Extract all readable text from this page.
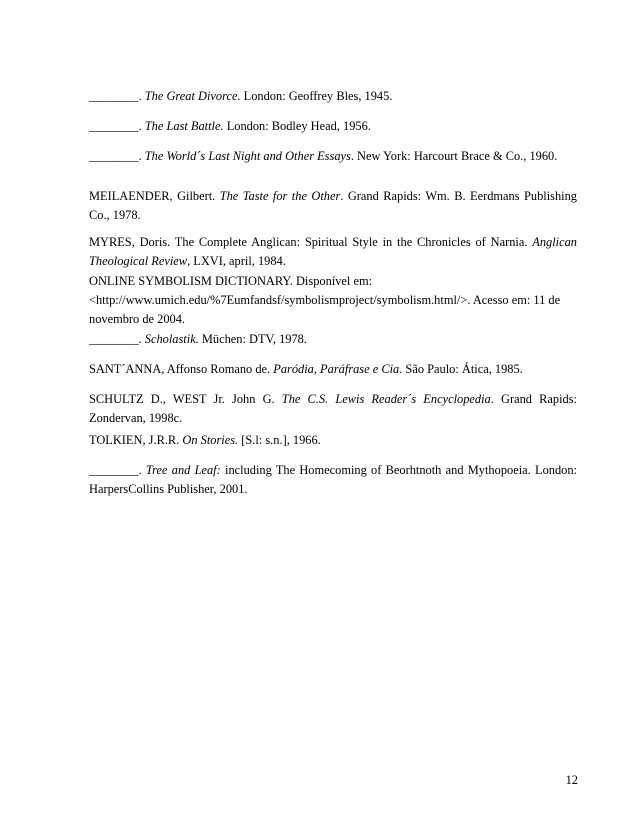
________. The Great Divorce. London: Geoffrey Bles, 1945.

________. The Last Battle. London: Bodley Head, 1956.

________. The World´s Last Night and Other Essays. New York: Harcourt Brace & Co., 1960.

MEILAENDER, Gilbert. The Taste for the Other. Grand Rapids: Wm. B. Eerdmans Publishing Co., 1978.

MYRES, Doris. The Complete Anglican: Spiritual Style in the Chronicles of Narnia. Anglican Theological Review, LXVI, april, 1984.

ONLINE SYMBOLISM DICTIONARY. Disponível em: <http://www.umich.edu/%7Eumfandsf/symbolismproject/symbolism.html/>. Acesso em: 11 de novembro de 2004.

________. Scholastik. Müchen: DTV, 1978.

SANT´ANNA, Affonso Romano de. Paródia, Paráfrase e Cia. São Paulo: Ática, 1985.

SCHULTZ D., WEST Jr. John G. The C.S. Lewis Reader´s Encyclopedia. Grand Rapids: Zondervan, 1998c.

TOLKIEN, J.R.R. On Stories. [S.l: s.n.], 1966.

________. Tree and Leaf: including The Homecoming of Beorhtnoth and Mythopoeia. London: HarpersCollins Publisher, 2001.

12
